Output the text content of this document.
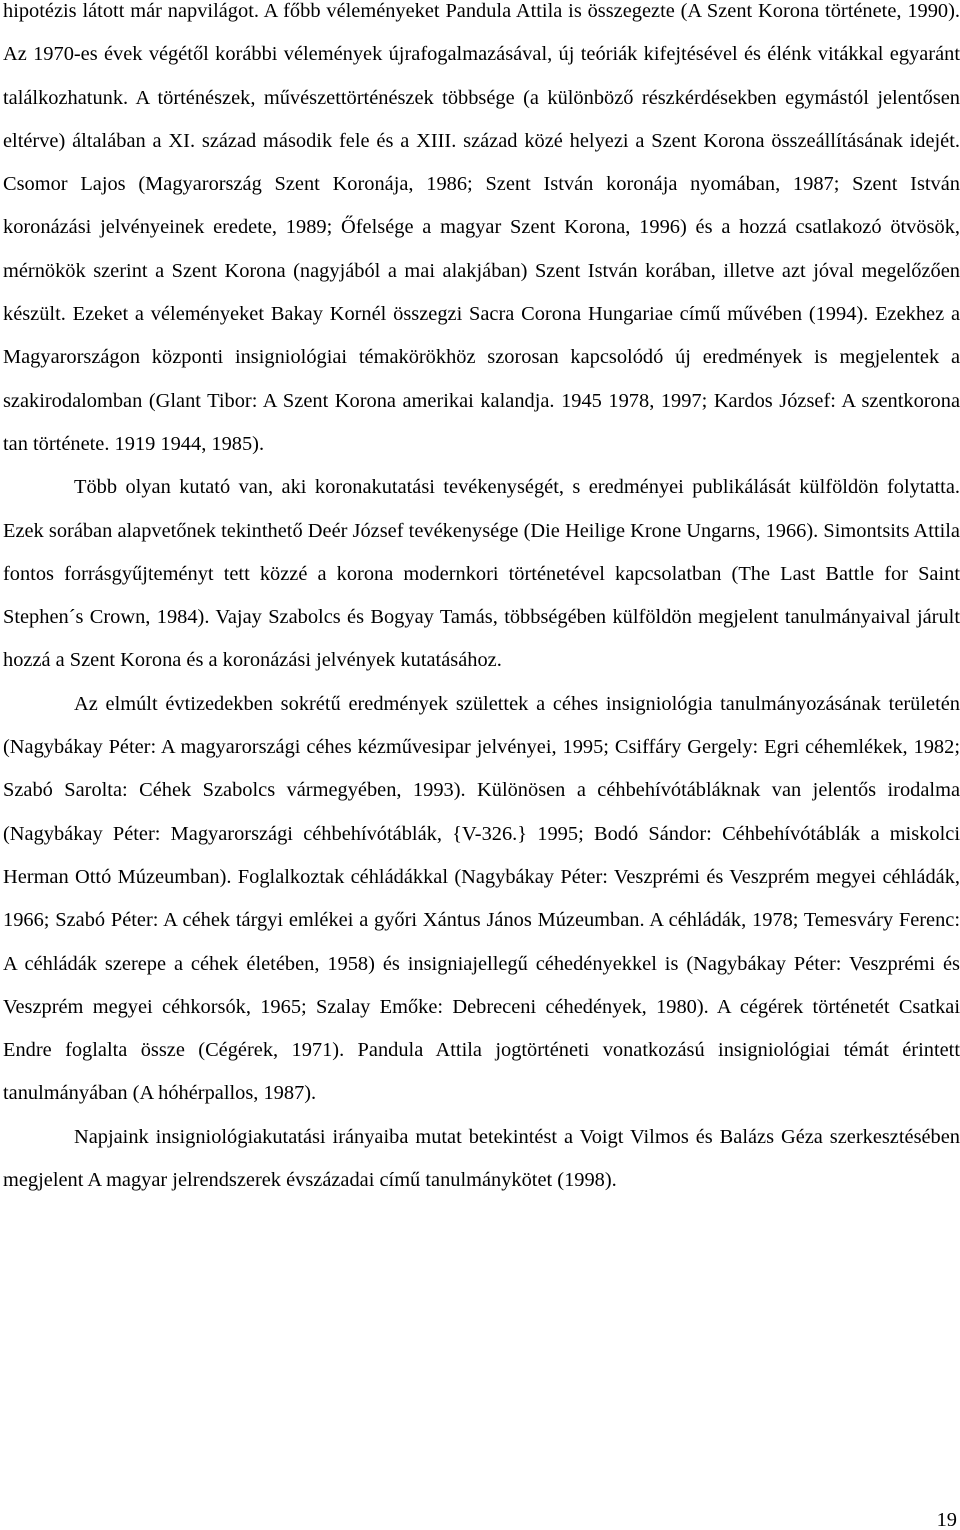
hipotézis látott már napvilágot. A főbb véleményeket Pandula Attila is összegezte (A Szent Korona története, 1990). Az 1970-es évek végétől korábbi vélemények újrafogalmazásával, új teóriák kifejtésével és élénk vitákkal egyaránt találkozhatunk. A történészek, művészettörténészek többsége (a különböző részkérdésekben egymástól jelentősen eltérve) általában a XI. század második fele és a XIII. század közé helyezi a Szent Korona összeállításának idejét. Csomor Lajos (Magyarország Szent Koronája, 1986; Szent István koronája nyomában, 1987; Szent István koronázási jelvényeinek eredete, 1989; Őfelsége a magyar Szent Korona, 1996) és a hozzá csatlakozó ötvösök, mérnökök szerint a Szent Korona (nagyjából a mai alakjában) Szent István korában, illetve azt jóval megelőzően készült. Ezeket a véleményeket Bakay Kornél összegzi Sacra Corona Hungariae című művében (1994). Ezekhez a Magyarországon központi insigniológiai témakörökhöz szorosan kapcsolódó új eredmények is megjelentek a szakirodalomban (Glant Tibor: A Szent Korona amerikai kalandja. 1945 1978, 1997; Kardos József: A szentkorona tan története. 1919 1944, 1985).

Több olyan kutató van, aki koronakutatási tevékenységét, s eredményei publikálását külföldön folytatta. Ezek sorában alapvetőnek tekinthető Deér József tevékenysége (Die Heilige Krone Ungarns, 1966). Simontsits Attila fontos forrásgyűjteményt tett közzé a korona modernkori történetével kapcsolatban (The Last Battle for Saint Stephen´s Crown, 1984). Vajay Szabolcs és Bogyay Tamás, többségében külföldön megjelent tanulmányaival járult hozzá a Szent Korona és a koronázási jelvények kutatásához.

Az elmúlt évtizedekben sokrétű eredmények születtek a céhes insigniológia tanulmányozásának területén (Nagybákay Péter: A magyarországi céhes kézművesipar jelvényei, 1995; Csiffáry Gergely: Egri céhemlékek, 1982; Szabó Sarolta: Céhek Szabolcs vármegyében, 1993). Különösen a céhbehívótábláknak van jelentős irodalma (Nagybákay Péter: Magyarországi céhbehívótáblák, {V-326.} 1995; Bodó Sándor: Céhbehívótáblák a miskolci Herman Ottó Múzeumban). Foglalkoztak céhládákkal (Nagybákay Péter: Veszprémi és Veszprém megyei céhládák, 1966; Szabó Péter: A céhek tárgyi emlékei a győri Xántus János Múzeumban. A céhládák, 1978; Temesváry Ferenc: A céhládák szerepe a céhek életében, 1958) és insigniajellegű céhedényekkel is (Nagybákay Péter: Veszprémi és Veszprém megyei céhkorsók, 1965; Szalay Emőke: Debreceni céhedények, 1980). A cégérek történetét Csatkai Endre foglalta össze (Cégérek, 1971). Pandula Attila jogtörténeti vonatkozású insigniológiai témát érintett tanulmányában (A hóhérpallos, 1987).

Napjaink insigniológiakutatási irányaiba mutat betekintést a Voigt Vilmos és Balázs Géza szerkesztésében megjelent A magyar jelrendszerek évszázadai című tanulmánykötet (1998).

19
